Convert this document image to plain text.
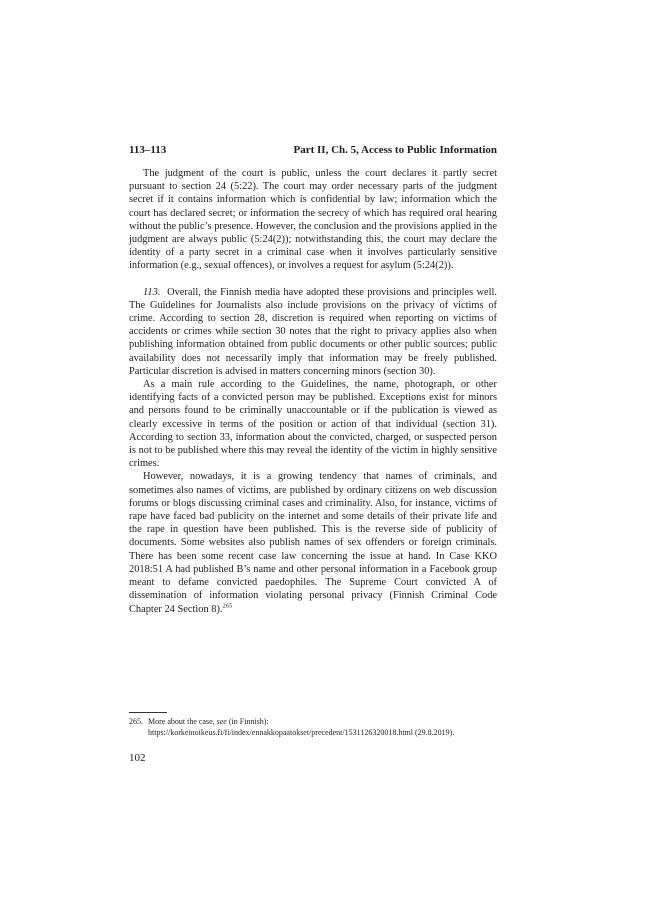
113–113	Part II, Ch. 5, Access to Public Information

The judgment of the court is public, unless the court declares it partly secret pursuant to section 24 (5:22). The court may order necessary parts of the judgment secret if it contains information which is confidential by law; information which the court has declared secret; or information the secrecy of which has required oral hearing without the public’s presence. However, the conclusion and the provisions applied in the judgment are always public (5:24(2)); notwithstanding this, the court may declare the identity of a party secret in a criminal case when it involves particularly sensitive information (e.g., sexual offences), or involves a request for asylum (5:24(2)).

113. Overall, the Finnish media have adopted these provisions and principles well. The Guidelines for Journalists also include provisions on the privacy of victims of crime. According to section 28, discretion is required when reporting on victims of accidents or crimes while section 30 notes that the right to privacy applies also when publishing information obtained from public documents or other public sources; public availability does not necessarily imply that information may be freely published. Particular discretion is advised in matters concerning minors (section 30).

As a main rule according to the Guidelines, the name, photograph, or other identifying facts of a convicted person may be published. Exceptions exist for minors and persons found to be criminally unaccountable or if the publication is viewed as clearly excessive in terms of the position or action of that individual (section 31). According to section 33, information about the convicted, charged, or suspected person is not to be published where this may reveal the identity of the victim in highly sensitive crimes.

However, nowadays, it is a growing tendency that names of criminals, and sometimes also names of victims, are published by ordinary citizens on web discussion forums or blogs discussing criminal cases and criminality. Also, for instance, victims of rape have faced bad publicity on the internet and some details of their private life and the rape in question have been published. This is the reverse side of publicity of documents. Some websites also publish names of sex offenders or foreign criminals. There has been some recent case law concerning the issue at hand. In Case KKO 2018:51 A had published B’s name and other personal information in a Facebook group meant to defame convicted paedophiles. The Supreme Court convicted A of dissemination of information violating personal privacy (Finnish Criminal Code Chapter 24 Section 8).$^{265}$

265. More about the case, see (in Finnish): https://korkeinoikeus.fi/fi/index/ennakkopaatokset/precedent/1531126320018.html (29.8.2019).
102
